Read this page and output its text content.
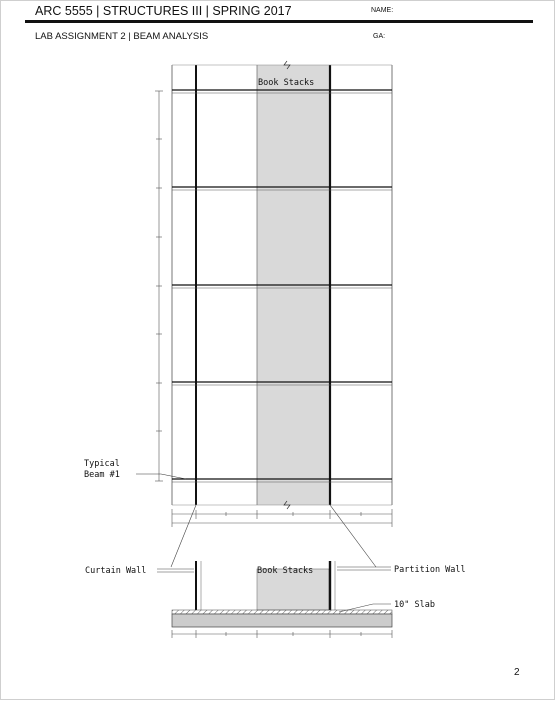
ARC 5555 | STRUCTURES III | SPRING 2017	NAME:
LAB ASSIGNMENT 2 | BEAM ANALYSIS	GA:
Typical
Beam #1
Book Stacks
Book Stacks
Curtain Wall	Partition Wall
10" Slab
2
